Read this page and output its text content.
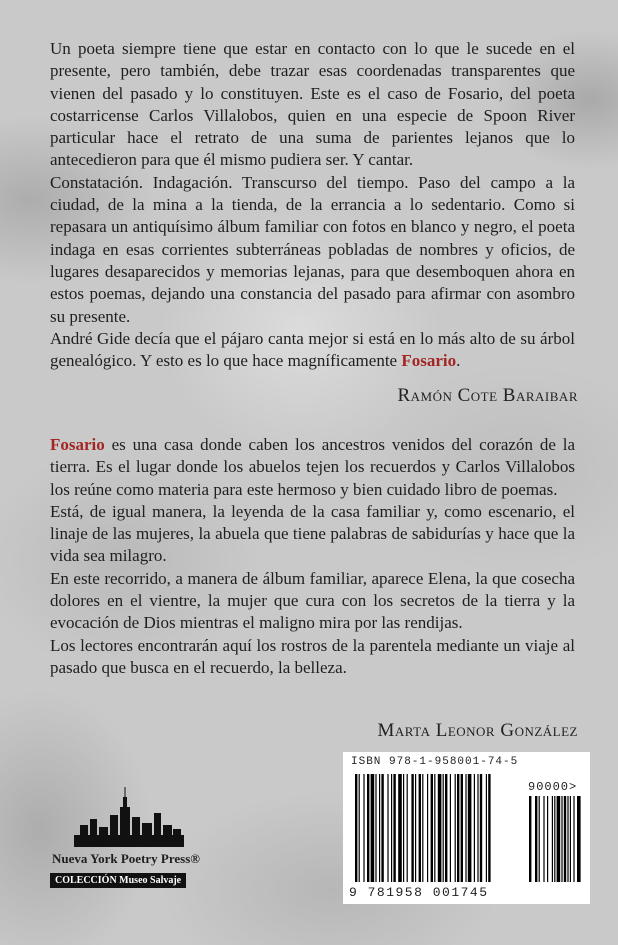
Un poeta siempre tiene que estar en contacto con lo que le sucede en el presente, pero también, debe trazar esas coordenadas transparentes que vienen del pasado y lo constituyen. Este es el caso de Fosario, del poeta costarricense Carlos Villalobos, quien en una especie de Spoon River particular hace el retrato de una suma de parientes lejanos que lo antecedieron para que él mismo pudiera ser. Y cantar.

Constatación. Indagación. Transcurso del tiempo. Paso del campo a la ciudad, de la mina a la tienda, de la errancia a lo sedentario. Como si repasara un antiquísimo álbum familiar con fotos en blanco y negro, el poeta indaga en esas corrientes subterráneas pobladas de nombres y oficios, de lugares desaparecidos y memorias lejanas, para que desemboquen ahora en estos poemas, dejando una constancia del pasado para afirmar con asombro su presente.

André Gide decía que el pájaro canta mejor si está en lo más alto de su árbol genealógico. Y esto es lo que hace magníficamente Fosario.

Ramón Cote Baraibar

Fosario es una casa donde caben los ancestros venidos del corazón de la tierra. Es el lugar donde los abuelos tejen los recuerdos y Carlos Villalobos los reúne como materia para este hermoso y bien cuidado libro de poemas.

Está, de igual manera, la leyenda de la casa familiar y, como escenario, el linaje de las mujeres, la abuela que tiene palabras de sabidurías y hace que la vida sea milagro.

En este recorrido, a manera de álbum familiar, aparece Elena, la que cosecha dolores en el vientre, la mujer que cura con los secretos de la tierra y la evocación de Dios mientras el maligno mira por las rendijas.

Los lectores encontrarán aquí los rostros de la parentela mediante un viaje al pasado que busca en el recuerdo, la belleza.

Marta Leonor González
Nueva York Poetry Press®
COLECCIÓN Museo Salvaje
ISBN 978-1-958001-74-5
90000>
9 781958 001745
